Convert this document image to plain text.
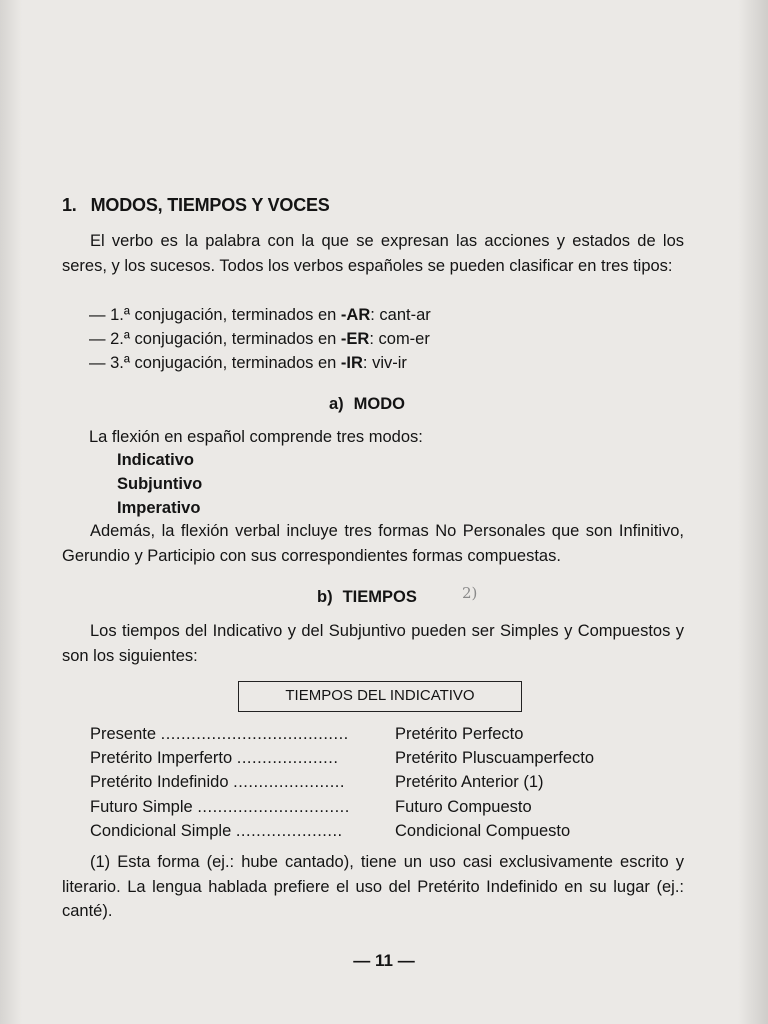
1. MODOS, TIEMPOS Y VOCES
El verbo es la palabra con la que se expresan las acciones y estados de los seres, y los sucesos. Todos los verbos españoles se pueden clasificar en tres tipos:
— 1.ª conjugación, terminados en -AR: cant-ar
— 2.ª conjugación, terminados en -ER: com-er
— 3.ª conjugación, terminados en -IR: viv-ir
a) MODO
La flexión en español comprende tres modos:
Indicativo
Subjuntivo
Imperativo
Además, la flexión verbal incluye tres formas No Personales que son Infinitivo, Gerundio y Participio con sus correspondientes formas compuestas.
b) TIEMPOS	2)
Los tiempos del Indicativo y del Subjuntivo pueden ser Simples y Compuestos y son los siguientes:
TIEMPOS DEL INDICATIVO
Presente .....................................	Pretérito Perfecto
Pretérito Imperferto ....................	Pretérito Pluscuamperfecto
Pretérito Indefinido ......................	Pretérito Anterior (1)
Futuro Simple ..............................	Futuro Compuesto
Condicional Simple .....................	Condicional Compuesto
(1) Esta forma (ej.: hube cantado), tiene un uso casi exclusivamente escrito y literario. La lengua hablada prefiere el uso del Pretérito Indefinido en su lugar (ej.: canté).
— 11 —
